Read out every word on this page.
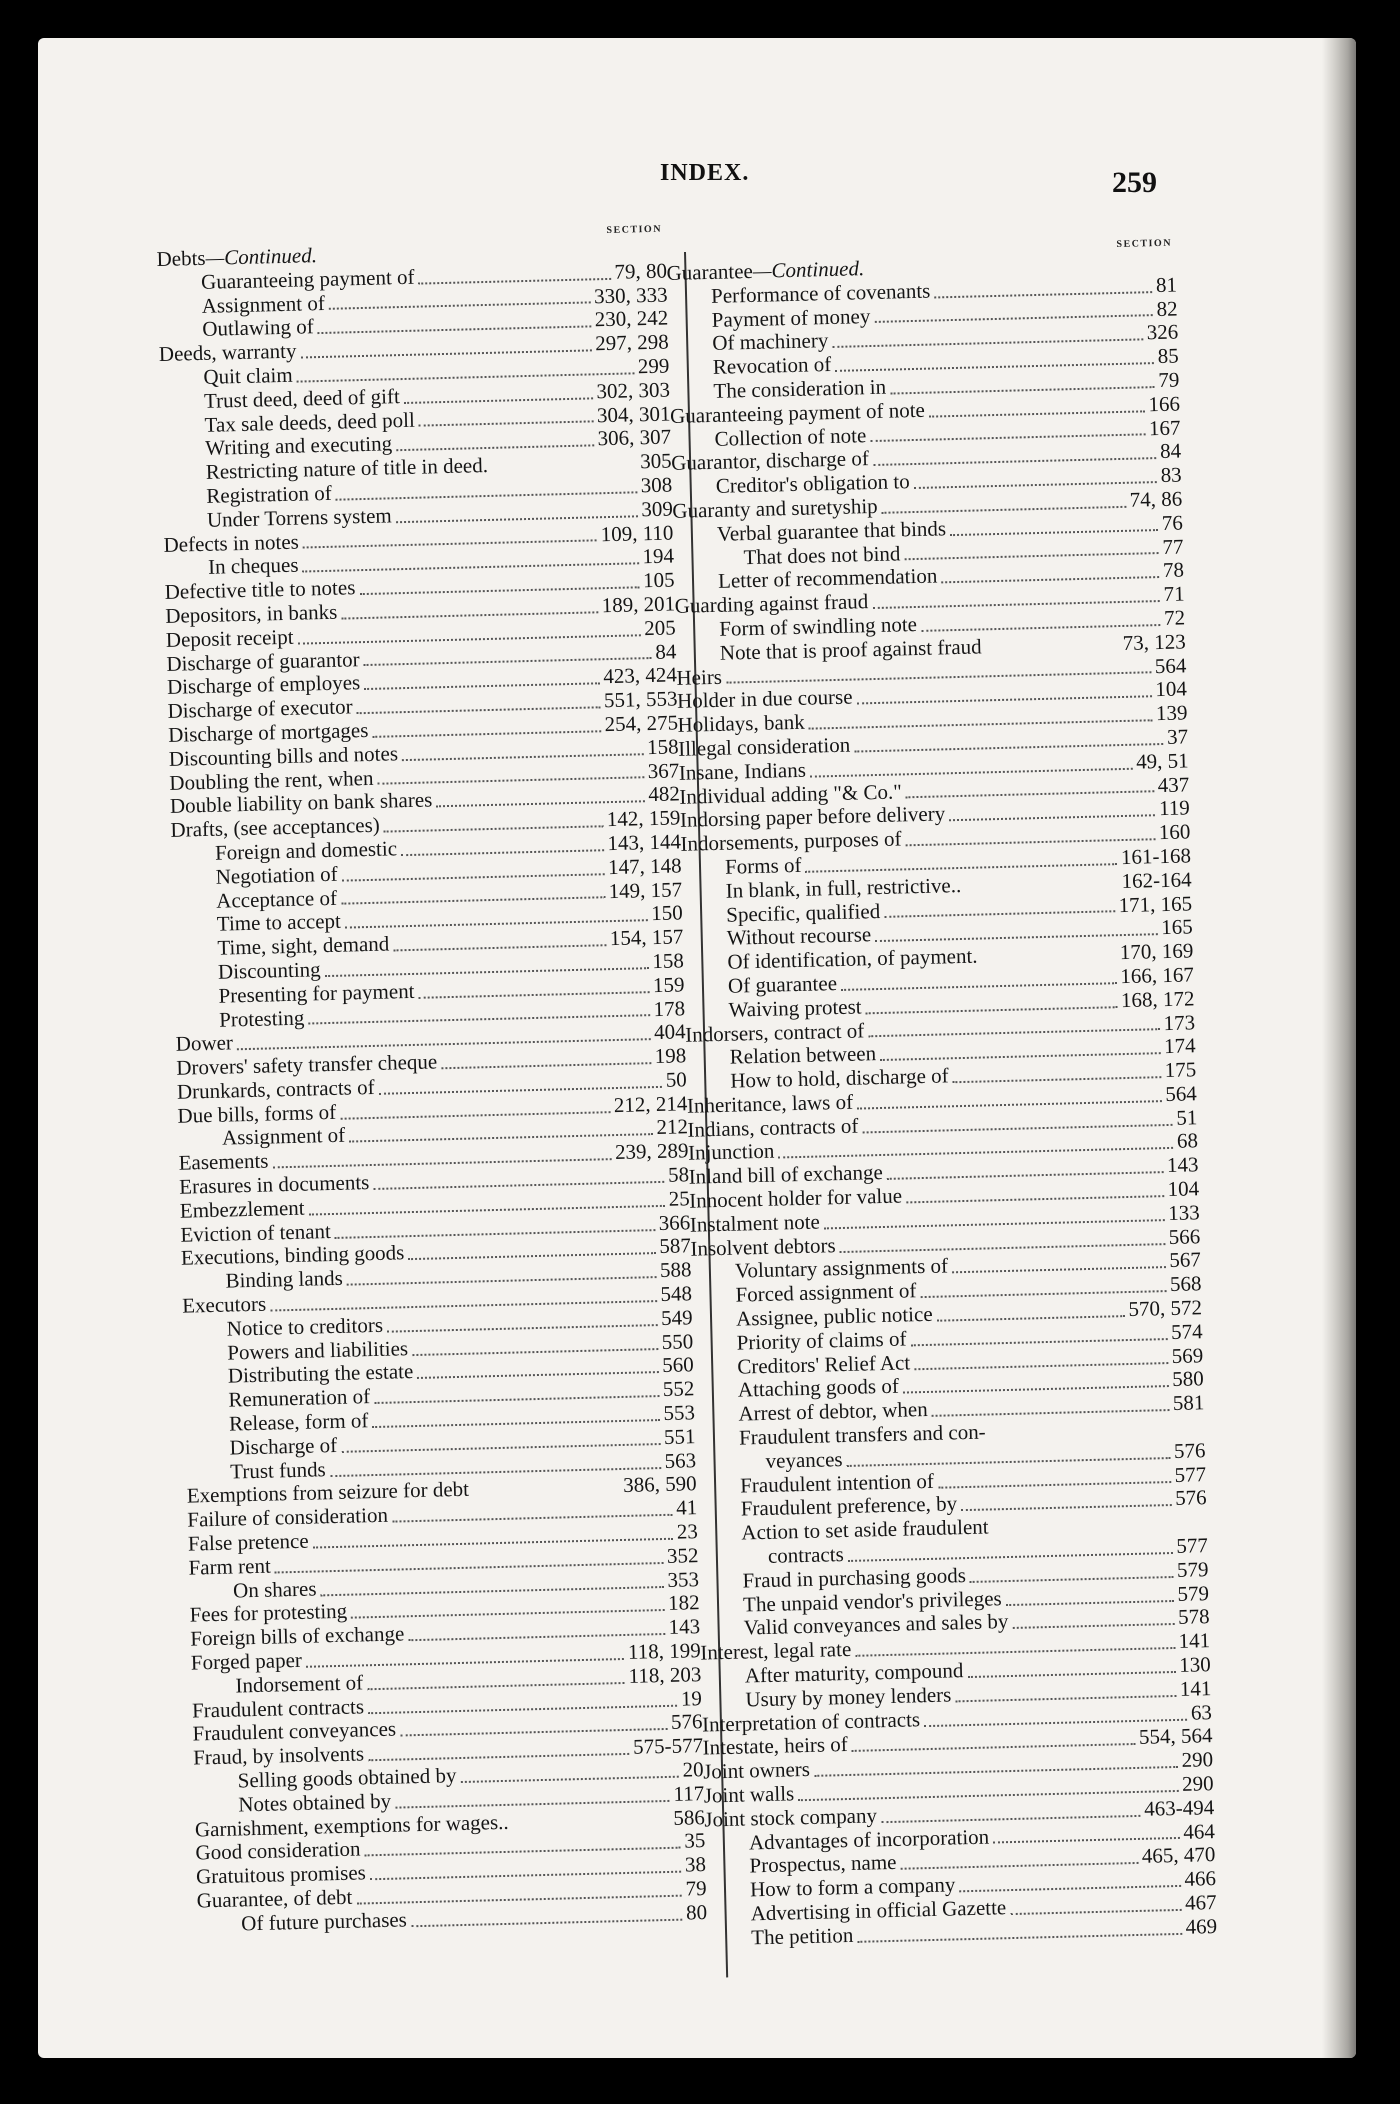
INDEX.	259
SECTION
Debts —Continued.
Guaranteeing payment of	79, 80
Assignment of	330, 333
Outlawing of	230, 242
Deeds, warranty	297, 298
Quit claim	299
Trust deed, deed of gift	302, 303
Tax sale deeds, deed poll	304, 301
Writing and executing	306, 307
Restricting nature of title in deed.	305
Registration of	308
Under Torrens system	309
Defects in notes	109, 110
In cheques	194
Defective title to notes	105
Depositors, in banks	189, 201
Deposit receipt	205
Discharge of guarantor	84
Discharge of employes	423, 424
Discharge of executor	551, 553
Discharge of mortgages	254, 275
Discounting bills and notes	158
Doubling the rent, when	367
Double liability on bank shares	482
Drafts, (see acceptances)	142, 159
Foreign and domestic	143, 144
Negotiation of	147, 148
Acceptance of	149, 157
Time to accept	150
Time, sight, demand	154, 157
Discounting	158
Presenting for payment	159
Protesting	178
Dower	404
Drovers' safety transfer cheque	198
Drunkards, contracts of	50
Due bills, forms of	212, 214
Assignment of	212
Easements	239, 289
Erasures in documents	58
Embezzlement	25
Eviction of tenant	366
Executions, binding goods	587
Binding lands	588
Executors	548
Notice to creditors	549
Powers and liabilities	550
Distributing the estate	560
Remuneration of	552
Release, form of	553
Discharge of	551
Trust funds	563
Exemptions from seizure for debt	386, 590
Failure of consideration	41
False pretence	23
Farm rent	352
On shares	353
Fees for protesting	182
Foreign bills of exchange	143
Forged paper	118, 199
Indorsement of	118, 203
Fraudulent contracts	19
Fraudulent conveyances	576
Fraud, by insolvents	575-577
Selling goods obtained by	20
Notes obtained by	117
Garnishment, exemptions for wages..	586
Good consideration	35
Gratuitous promises	38
Guarantee, of debt	79
Of future purchases	80
SECTION
Guarantee —Continued.
Performance of covenants	81
Payment of money	82
Of machinery	326
Revocation of	85
The consideration in	79
Guaranteeing payment of note	166
Collection of note	167
Guarantor, discharge of	84
Creditor's obligation to	83
Guaranty and suretyship	74, 86
Verbal guarantee that binds	76
That does not bind	77
Letter of recommendation	78
Guarding against fraud	71
Form of swindling note	72
Note that is proof against fraud	73, 123
Heirs	564
Holder in due course	104
Holidays, bank	139
Illegal consideration	37
Insane, Indians	49, 51
Individual adding "& Co."	437
Indorsing paper before delivery	119
Indorsements, purposes of	160
Forms of	161-168
In blank, in full, restrictive..	162-164
Specific, qualified	171, 165
Without recourse	165
Of identification, of payment.	170, 169
Of guarantee	166, 167
Waiving protest	168, 172
Indorsers, contract of	173
Relation between	174
How to hold, discharge of	175
Inheritance, laws of	564
Indians, contracts of	51
Injunction	68
Inland bill of exchange	143
Innocent holder for value	104
Instalment note	133
Insolvent debtors	566
Voluntary assignments of	567
Forced assignment of	568
Assignee, public notice	570, 572
Priority of claims of	574
Creditors' Relief Act	569
Attaching goods of	580
Arrest of debtor, when	581
Fraudulent transfers and con-
veyances	576
Fraudulent intention of	577
Fraudulent preference, by	576
Action to set aside fraudulent
contracts	577
Fraud in purchasing goods	579
The unpaid vendor's privileges	579
Valid conveyances and sales by	578
Interest, legal rate	141
After maturity, compound	130
Usury by money lenders	141
Interpretation of contracts	63
Intestate, heirs of	554, 564
Joint owners	290
Joint walls	290
Joint stock company	463-494
Advantages of incorporation	464
Prospectus, name	465, 470
How to form a company	466
Advertising in official Gazette	467
The petition	469
